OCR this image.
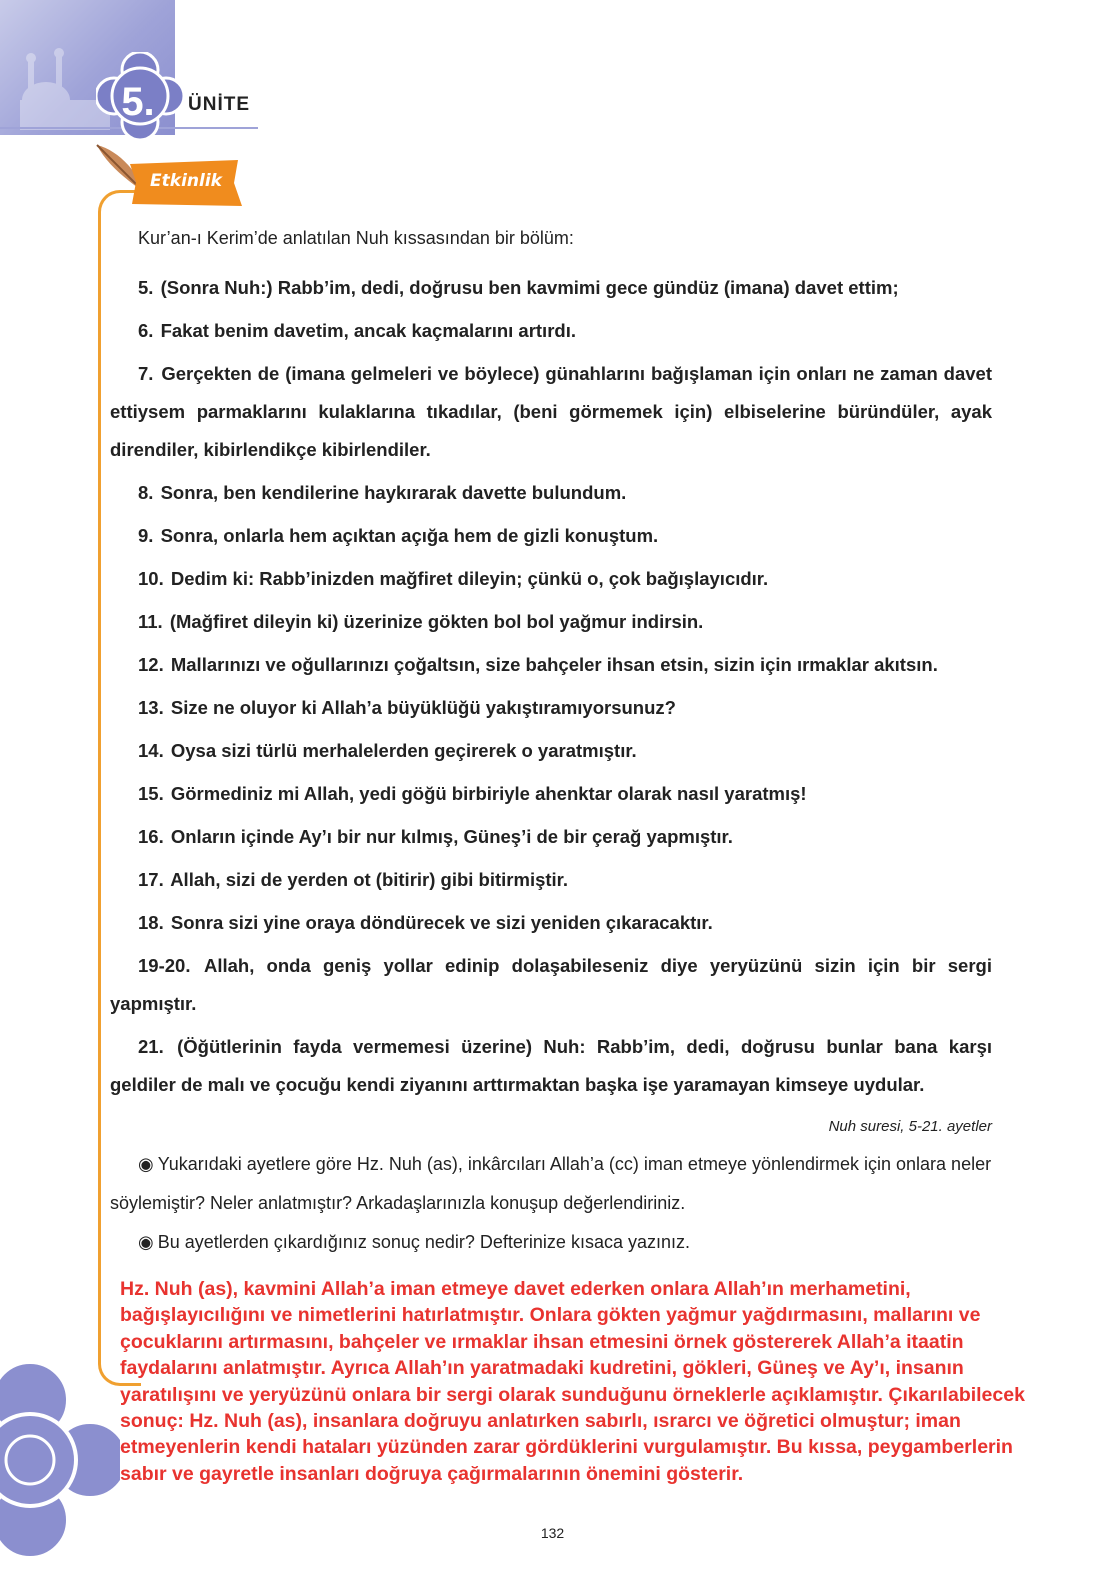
5.	ÜNİTE
Etkinlik

Kur’an-ı Kerim’de anlatılan Nuh kıssasından bir bölüm:

5. (Sonra Nuh:) Rabb’im, dedi, doğrusu ben kavmimi gece gündüz (imana) davet ettim;

6. Fakat benim davetim, ancak kaçmalarını artırdı.

7. Gerçekten de (imana gelmeleri ve böylece) günahlarını bağışlaman için onları ne zaman davet ettiysem parmaklarını kulaklarına tıkadılar, (beni görmemek için) elbiselerine büründüler, ayak direndiler, kibirlendikçe kibirlendiler.

8. Sonra, ben kendilerine haykırarak davette bulundum.

9. Sonra, onlarla hem açıktan açığa hem de gizli konuştum.

10. Dedim ki: Rabb’inizden mağfiret dileyin; çünkü o, çok bağışlayıcıdır.

11. (Mağfiret dileyin ki) üzerinize gökten bol bol yağmur indirsin.

12. Mallarınızı ve oğullarınızı çoğaltsın, size bahçeler ihsan etsin, sizin için ırmaklar akıtsın.

13. Size ne oluyor ki Allah’a büyüklüğü yakıştıramıyorsunuz?

14. Oysa sizi türlü merhalelerden geçirerek o yaratmıştır.

15. Görmediniz mi Allah, yedi göğü birbiriyle ahenktar olarak nasıl yaratmış!

16. Onların içinde Ay’ı bir nur kılmış, Güneş’i de bir çerağ yapmıştır.

17. Allah, sizi de yerden ot (bitirir) gibi bitirmiştir.

18. Sonra sizi yine oraya döndürecek ve sizi yeniden çıkaracaktır.

19-20. Allah, onda geniş yollar edinip dolaşabileseniz diye yeryüzünü sizin için bir sergi yapmıştır.

21. (Öğütlerinin fayda vermemesi üzerine) Nuh: Rabb’im, dedi, doğrusu bunlar bana karşı geldiler de malı ve çocuğu kendi ziyanını arttırmaktan başka işe yaramayan kimseye uydular.

Nuh suresi, 5-21. ayetler

◉ Yukarıdaki ayetlere göre Hz. Nuh (as), inkârcıları Allah’a (cc) iman etmeye yönlendirmek için onlara neler söylemiştir? Neler anlatmıştır? Arkadaşlarınızla konuşup değerlendiriniz.

◉ Bu ayetlerden çıkardığınız sonuç nedir? Defterinize kısaca yazınız.

Hz. Nuh (as), kavmini Allah’a iman etmeye davet ederken onlara Allah’ın merhametini, bağışlayıcılığını ve nimetlerini hatırlatmıştır. Onlara gökten yağmur yağdırmasını, mallarını ve çocuklarını artırmasını, bahçeler ve ırmaklar ihsan etmesini örnek göstererek Allah’a itaatin faydalarını anlatmıştır. Ayrıca Allah’ın yaratmadaki kudretini, gökleri, Güneş ve Ay’ı, insanın yaratılışını ve yeryüzünü onlara bir sergi olarak sunduğunu örneklerle açıklamıştır. Çıkarılabilecek sonuç: Hz. Nuh (as), insanlara doğruyu anlatırken sabırlı, ısrarcı ve öğretici olmuştur; iman etmeyenlerin kendi hataları yüzünden zarar gördüklerini vurgulamıştır. Bu kıssa, peygamberlerin sabır ve gayretle insanları doğruya çağırmalarının önemini gösterir.
132
